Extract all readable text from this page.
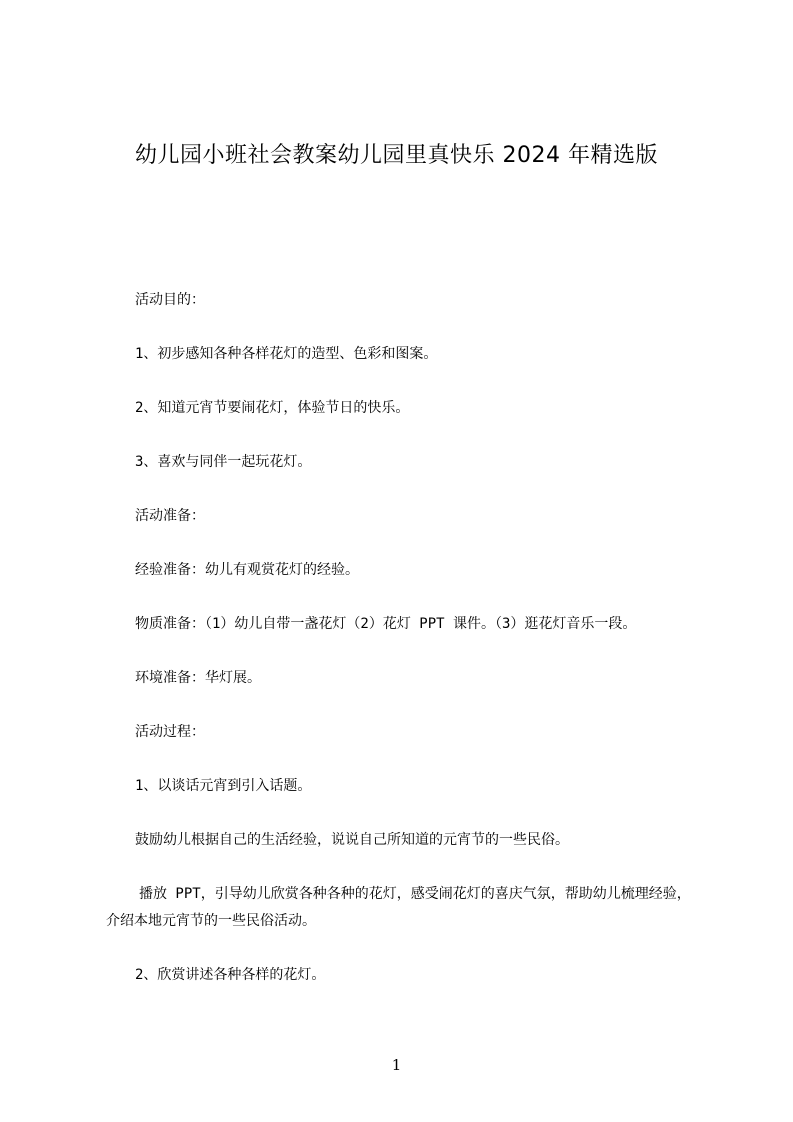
幼儿园小班社会教案幼儿园里真快乐 2024 年精选版

活动目的：

1、初步感知各种各样花灯的造型、色彩和图案。

2、知道元宵节要闹花灯，体验节日的快乐。

3、喜欢与同伴一起玩花灯。

活动准备：

经验准备：幼儿有观赏花灯的经验。

物质准备：（1）幼儿自带一盏花灯（2）花灯 PPT 课件。（3）逛花灯音乐一段。

环境准备：华灯展。

活动过程：

1、以谈话元宵到引入话题。

鼓励幼儿根据自己的生活经验，说说自己所知道的元宵节的一些民俗。

播放 PPT，引导幼儿欣赏各种各种的花灯，感受闹花灯的喜庆气氛，帮助幼儿梳理经验，介绍本地元宵节的一些民俗活动。

2、欣赏讲述各种各样的花灯。

1
